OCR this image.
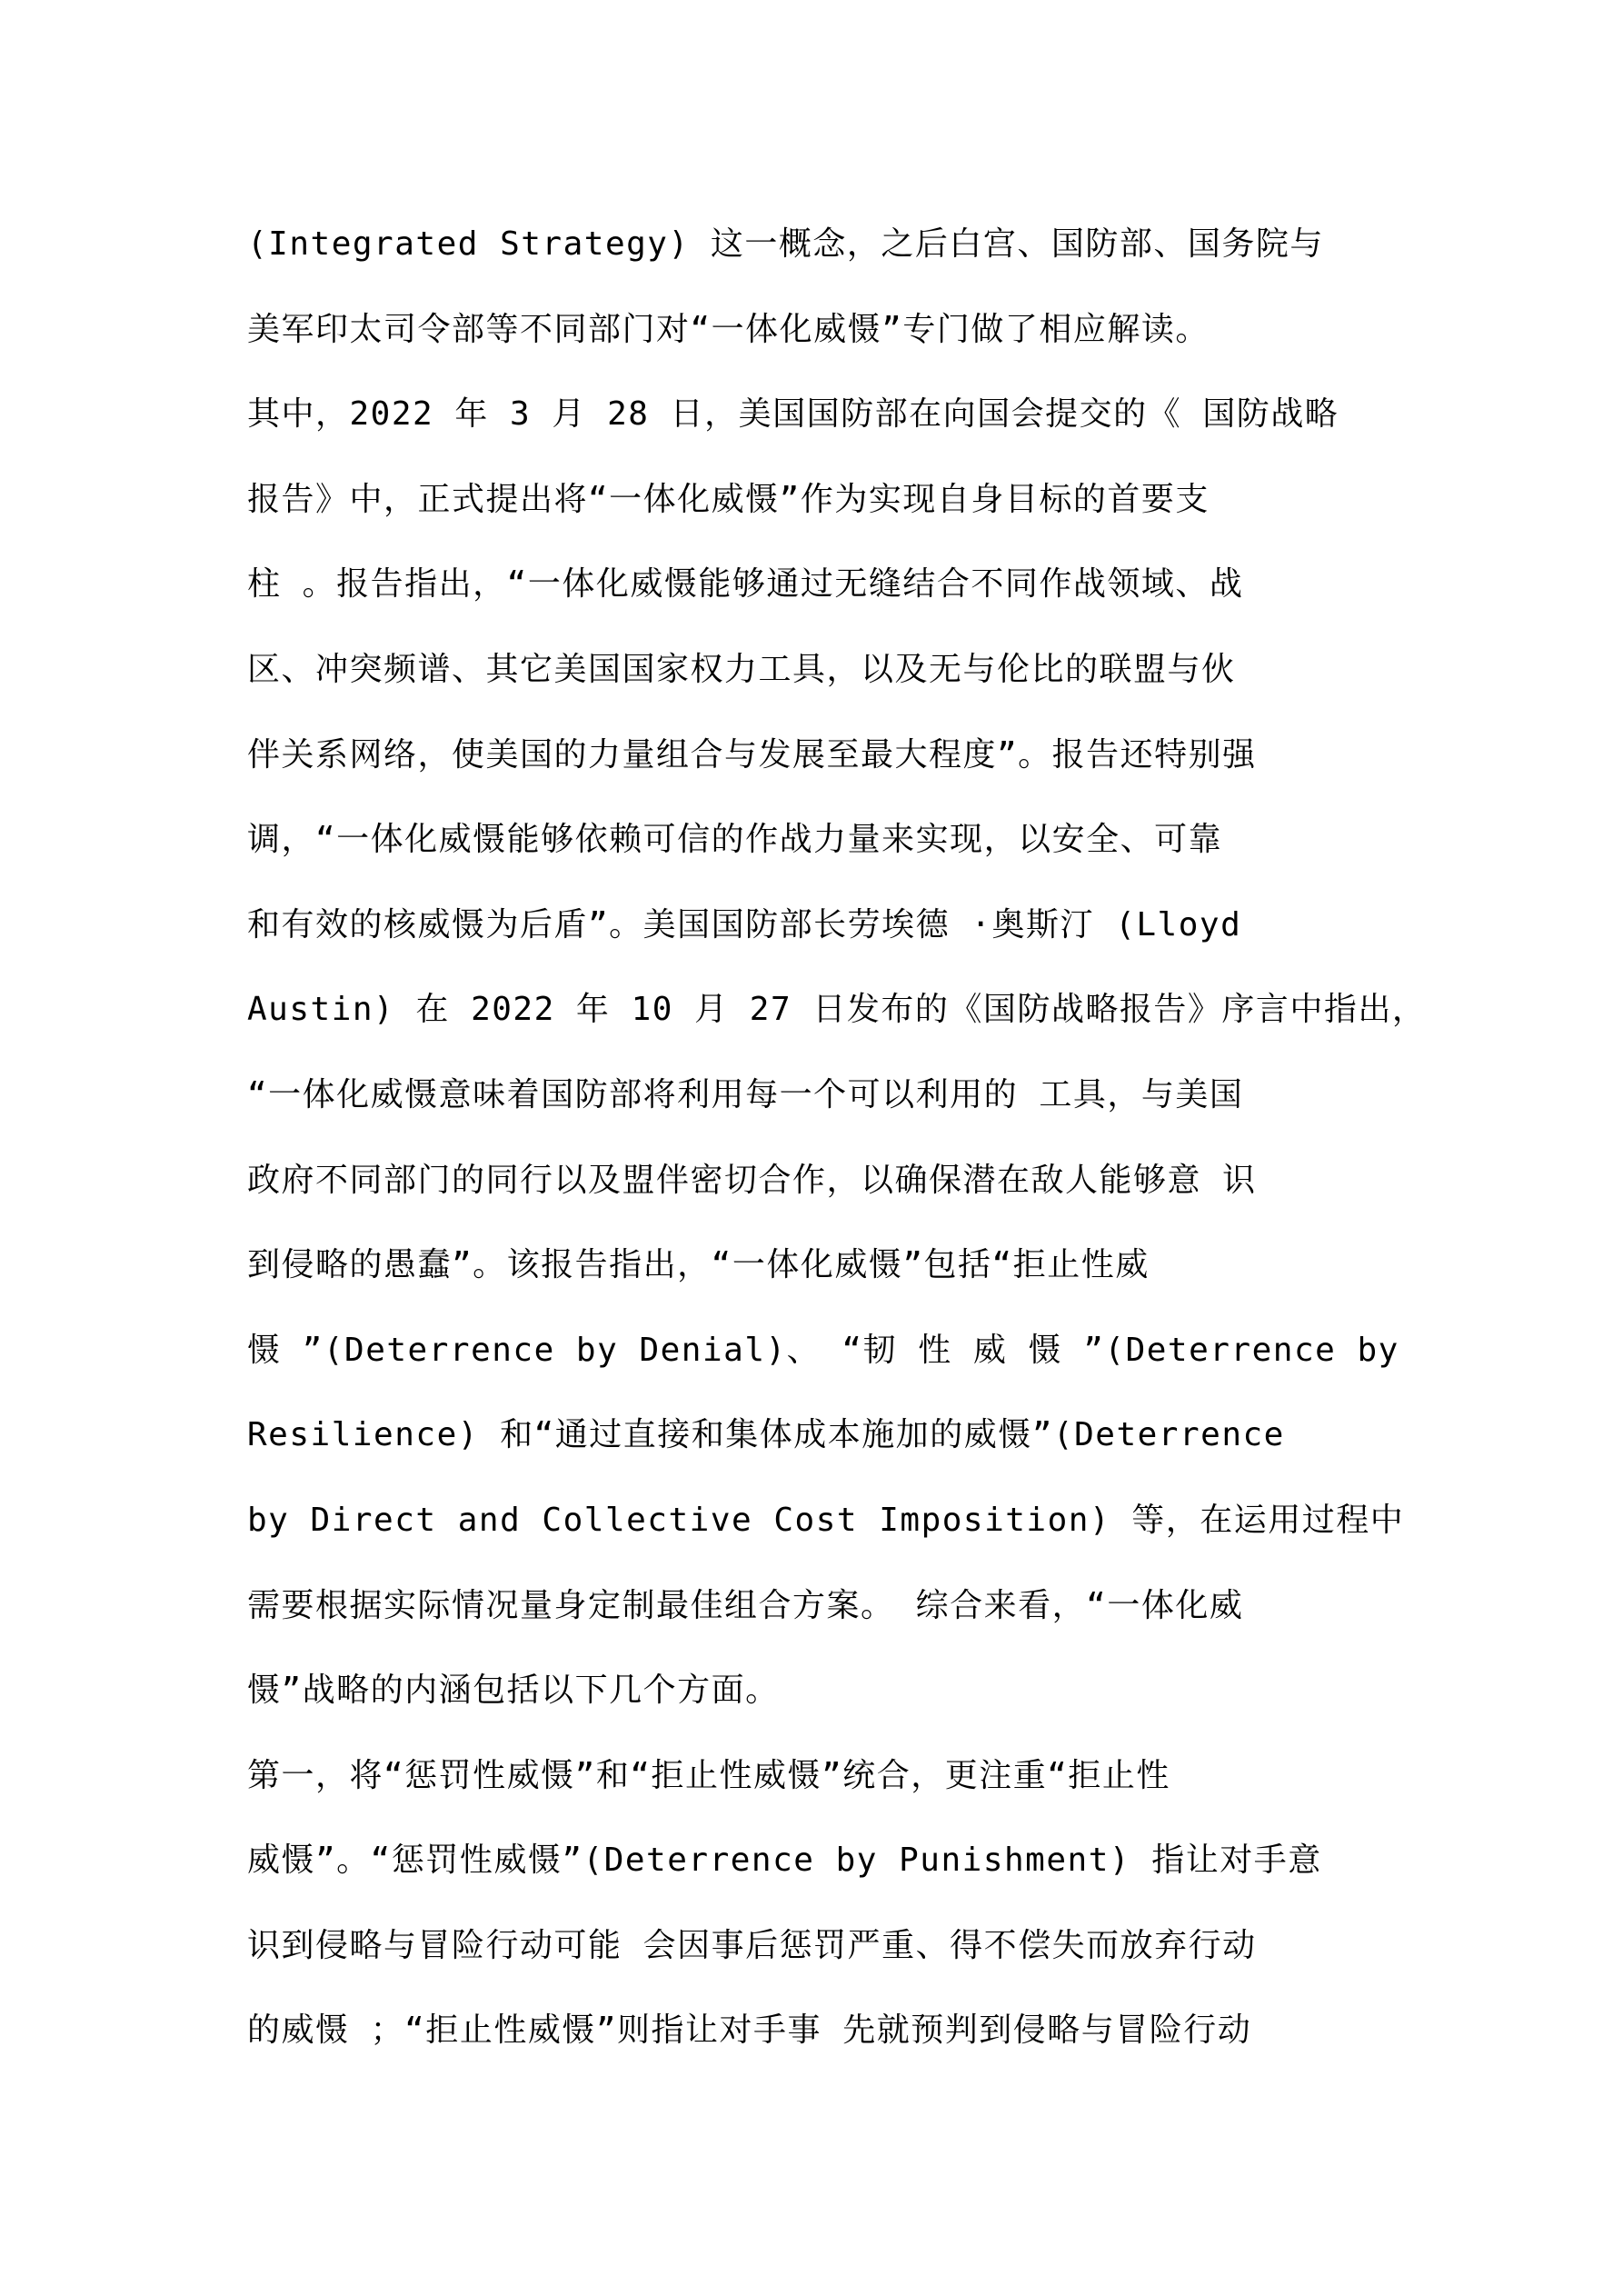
(Integrated Strategy) 这一概念，之后白宫、国防部、国务院与
美军印太司令部等不同部门对“一体化威慑”专门做了相应解读。
其中，2022 年 3 月 28 日，美国国防部在向国会提交的《 国防战略
报告》中，正式提出将“一体化威慑”作为实现自身目标的首要支
柱 。报告指出，“一体化威慑能够通过无缝结合不同作战领域、战
区、冲突频谱、其它美国国家权力工具，以及无与伦比的联盟与伙
伴关系网络，使美国的力量组合与发展至最大程度”。报告还特别强
调，“一体化威慑能够依赖可信的作战力量来实现，以安全、可靠
和有效的核威慑为后盾”。美国国防部长劳埃德 ·奥斯汀 (Lloyd
Austin) 在 2022 年 10 月 27 日发布的《国防战略报告》序言中指出，
“一体化威慑意味着国防部将利用每一个可以利用的 工具，与美国
政府不同部门的同行以及盟伴密切合作，以确保潜在敌人能够意 识
到侵略的愚蠢”。该报告指出，“一体化威慑”包括“拒止性威
慑 ”(Deterrence by Denial)、 “韧 性 威 慑 ”(Deterrence by
Resilience) 和“通过直接和集体成本施加的威慑”(Deterrence
by Direct and Collective Cost Imposition) 等，在运用过程中
需要根据实际情况量身定制最佳组合方案。 综合来看，“一体化威
慑”战略的内涵包括以下几个方面。
第一，将“惩罚性威慑”和“拒止性威慑”统合，更注重“拒止性
威慑”。“惩罚性威慑”(Deterrence by Punishment) 指让对手意
识到侵略与冒险行动可能 会因事后惩罚严重、得不偿失而放弃行动
的威慑 ；“拒止性威慑”则指让对手事 先就预判到侵略与冒险行动
